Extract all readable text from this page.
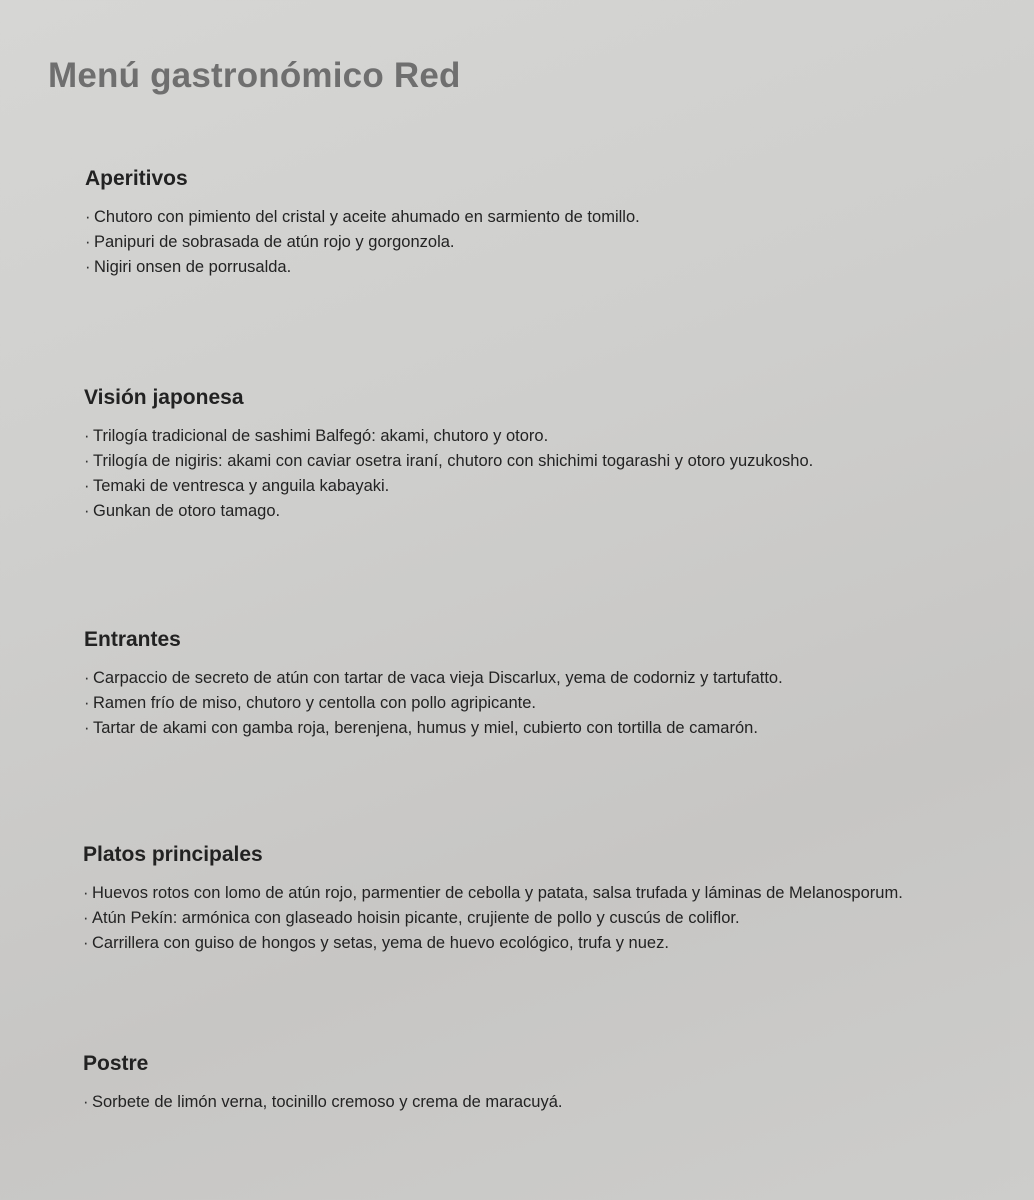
Menú gastronómico Red
Aperitivos
· Chutoro con pimiento del cristal y aceite ahumado en sarmiento de tomillo.
· Panipuri de sobrasada de atún rojo y gorgonzola.
· Nigiri onsen de porrusalda.
Visión japonesa
· Trilogía tradicional de sashimi Balfegó: akami, chutoro y otoro.
· Trilogía de nigiris: akami con caviar osetra iraní, chutoro con shichimi togarashi y otoro yuzukosho.
· Temaki de ventresca y anguila kabayaki.
· Gunkan de otoro tamago.
Entrantes
· Carpaccio de secreto de atún con tartar de vaca vieja Discarlux, yema de codorniz y tartufatto.
· Ramen frío de miso, chutoro y centolla con pollo agripicante.
· Tartar de akami con gamba roja, berenjena, humus y miel, cubierto con tortilla de camarón.
Platos principales
· Huevos rotos con lomo de atún rojo, parmentier de cebolla y patata, salsa trufada y láminas de Melanosporum.
· Atún Pekín: armónica con glaseado hoisin picante, crujiente de pollo y cuscús de coliflor.
· Carrillera con guiso de hongos y setas, yema de huevo ecológico, trufa y nuez.
Postre
· Sorbete de limón verna, tocinillo cremoso y crema de maracuyá.
